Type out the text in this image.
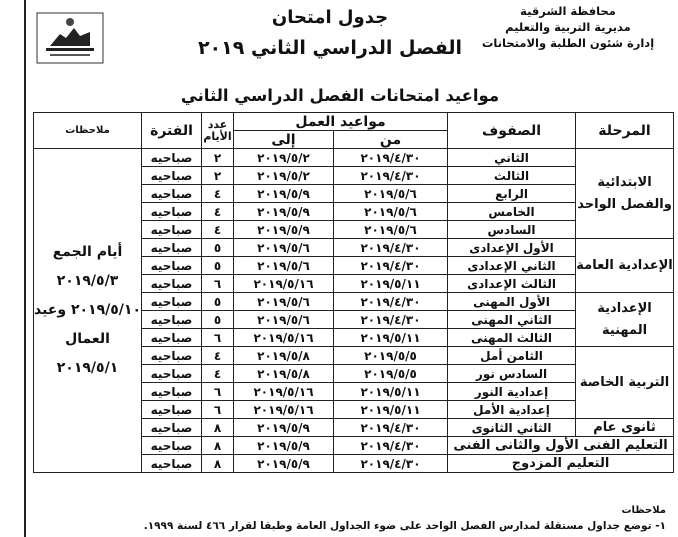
محافظة الشرقية
مديرية التربية والتعليم
إدارة شئون الطلبة والامتحانات
جدول امتحان
الفصل الدراسي الثاني ٢٠١٩
مواعيد امتحانات الفصل الدراسي الثاني
المرحلة	الصفوف	مواعيد العمل		عدد الأيام	الفترة	ملاحظات
		من	إلى			
الابتدائية والفصل الواحد	الثاني	٢٠١٩/٤/٣٠	٢٠١٩/٥/٢	٢	صباحيه	أيام الجمع ٢٠١٩/٥/٣ ٢٠١٩/٥/١٠ وعيد العمال ٢٠١٩/٥/١
	الثالث	٢٠١٩/٤/٣٠	٢٠١٩/٥/٢	٢	صباحيه	
	الرابع	٢٠١٩/٥/٦	٢٠١٩/٥/٩	٤	صباحيه	
	الخامس	٢٠١٩/٥/٦	٢٠١٩/٥/٩	٤	صباحيه	
	السادس	٢٠١٩/٥/٦	٢٠١٩/٥/٩	٤	صباحيه	
الإعدادية العامة	الأول الإعدادى	٢٠١٩/٤/٣٠	٢٠١٩/٥/٦	٥	صباحيه	
	الثاني الإعدادى	٢٠١٩/٤/٣٠	٢٠١٩/٥/٦	٥	صباحيه	
	الثالث الإعدادى	٢٠١٩/٥/١١	٢٠١٩/٥/١٦	٦	صباحيه	
الإعدادية المهنية	الأول المهنى	٢٠١٩/٤/٣٠	٢٠١٩/٥/٦	٥	صباحيه	
	الثاني المهنى	٢٠١٩/٤/٣٠	٢٠١٩/٥/٦	٥	صباحيه	
	الثالث المهنى	٢٠١٩/٥/١١	٢٠١٩/٥/١٦	٦	صباحيه	
التربية الخاصة	الثامن أمل	٢٠١٩/٥/٥	٢٠١٩/٥/٨	٤	صباحيه	
	السادس نور	٢٠١٩/٥/٥	٢٠١٩/٥/٨	٤	صباحيه	
	إعدادية النور	٢٠١٩/٥/١١	٢٠١٩/٥/١٦	٦	صباحيه	
	إعدادية الأمل	٢٠١٩/٥/١١	٢٠١٩/٥/١٦	٦	صباحيه	
ثانوى عام	الثاني الثانوى	٢٠١٩/٤/٣٠	٢٠١٩/٥/٩	٨	صباحيه	
التعليم الفنى الأول والثانى الفنى		٢٠١٩/٤/٣٠	٢٠١٩/٥/٩	٨	صباحيه	
التعليم المزدوج		٢٠١٩/٤/٣٠	٢٠١٩/٥/٩	٨	صباحيه	
ملاحظات
١- توضع جداول مستقلة لمدارس الفصل الواحد على ضوء الجداول العامة وطبقا لقرار ٤٦٦ لسنة ١٩٩٩.
